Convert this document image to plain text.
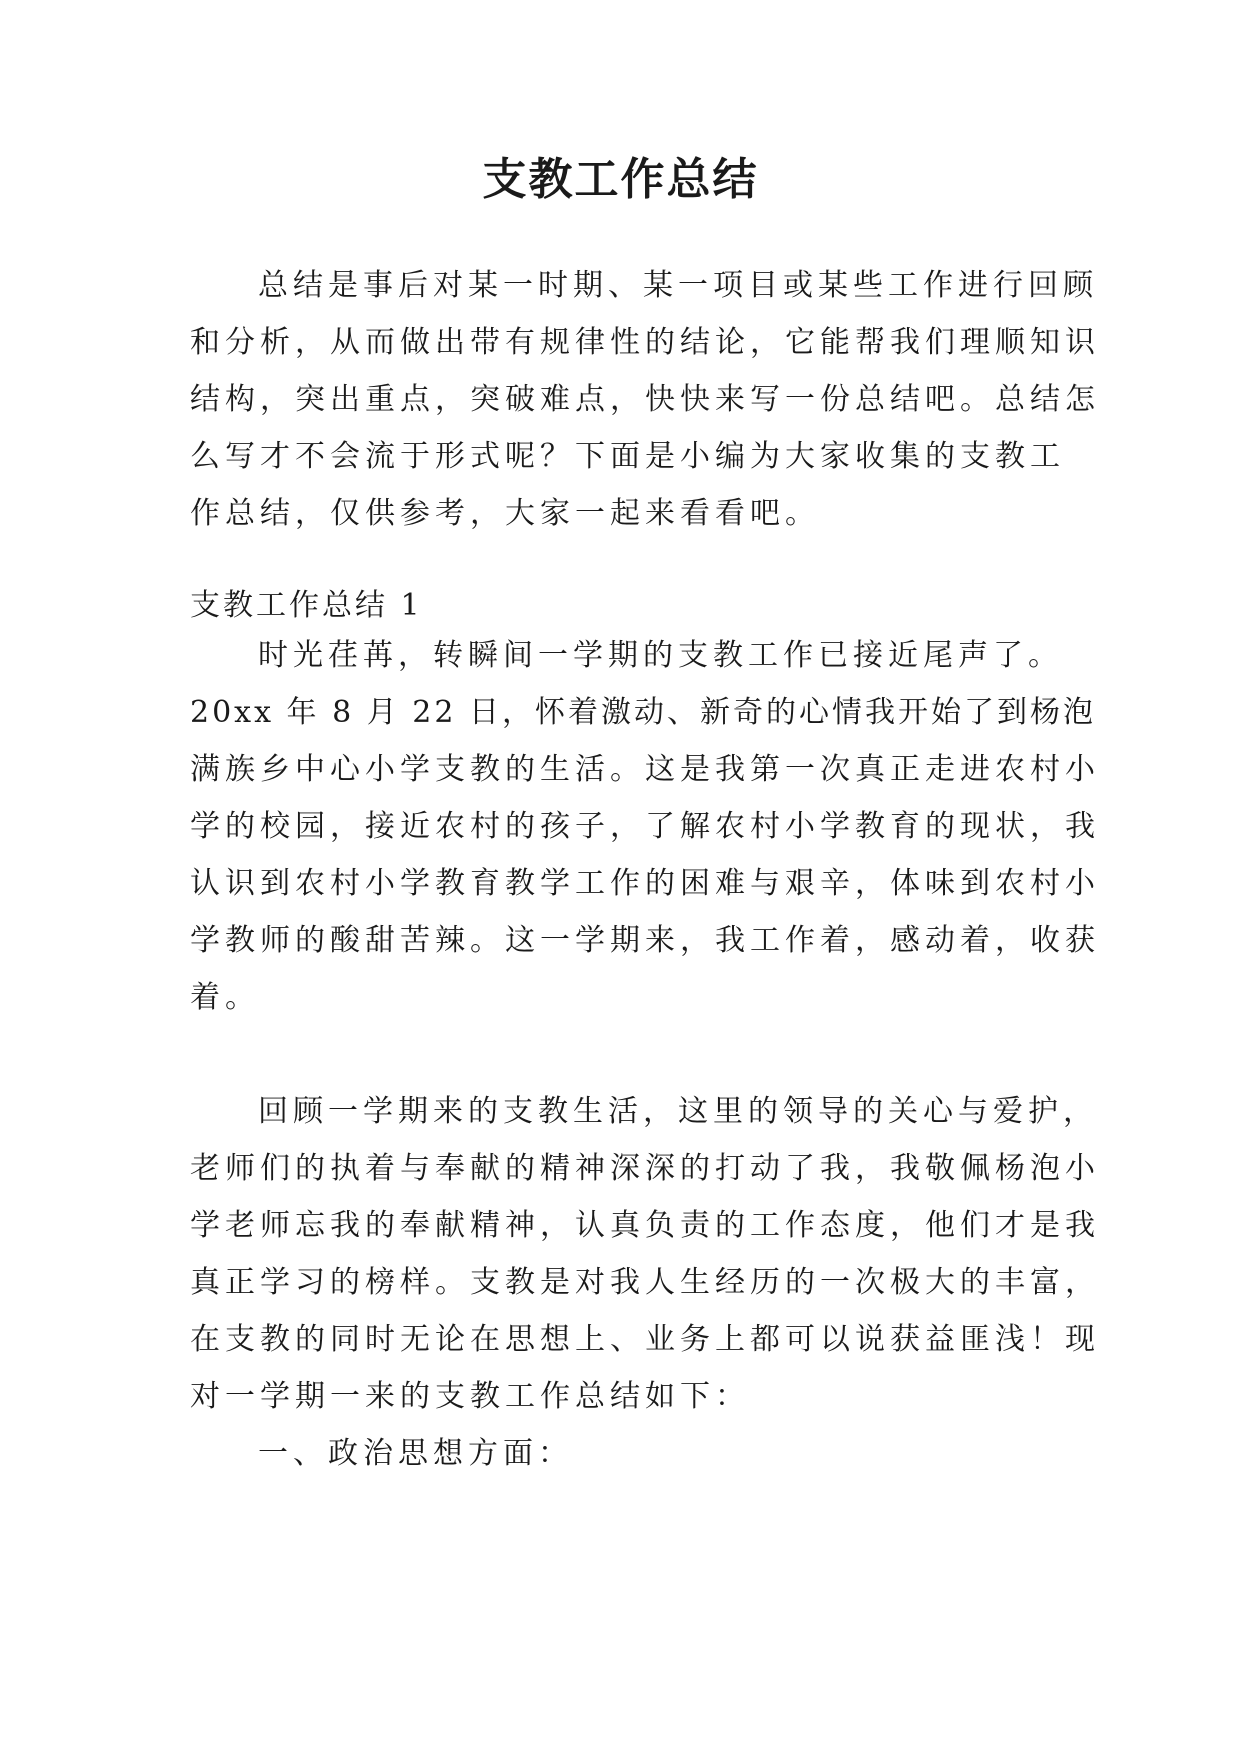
支教工作总结

总结是事后对某一时期、某一项目或某些工作进行回顾

和分析，从而做出带有规律性的结论，它能帮我们理顺知识

结构，突出重点，突破难点，快快来写一份总结吧。总结怎

么写才不会流于形式呢？下面是小编为大家收集的支教工

作总结，仅供参考，大家一起来看看吧。

支教工作总结 1

时光荏苒，转瞬间一学期的支教工作已接近尾声了。

20xx 年 8 月 22 日，怀着激动、新奇的心情我开始了到杨泡

满族乡中心小学支教的生活。这是我第一次真正走进农村小

学的校园，接近农村的孩子，了解农村小学教育的现状，我

认识到农村小学教育教学工作的困难与艰辛，体味到农村小

学教师的酸甜苦辣。这一学期来，我工作着，感动着，收获

着。

回顾一学期来的支教生活，这里的领导的关心与爱护，

老师们的执着与奉献的精神深深的打动了我，我敬佩杨泡小

学老师忘我的奉献精神，认真负责的工作态度，他们才是我

真正学习的榜样。支教是对我人生经历的一次极大的丰富，

在支教的同时无论在思想上、业务上都可以说获益匪浅！现

对一学期一来的支教工作总结如下：

一、政治思想方面：
